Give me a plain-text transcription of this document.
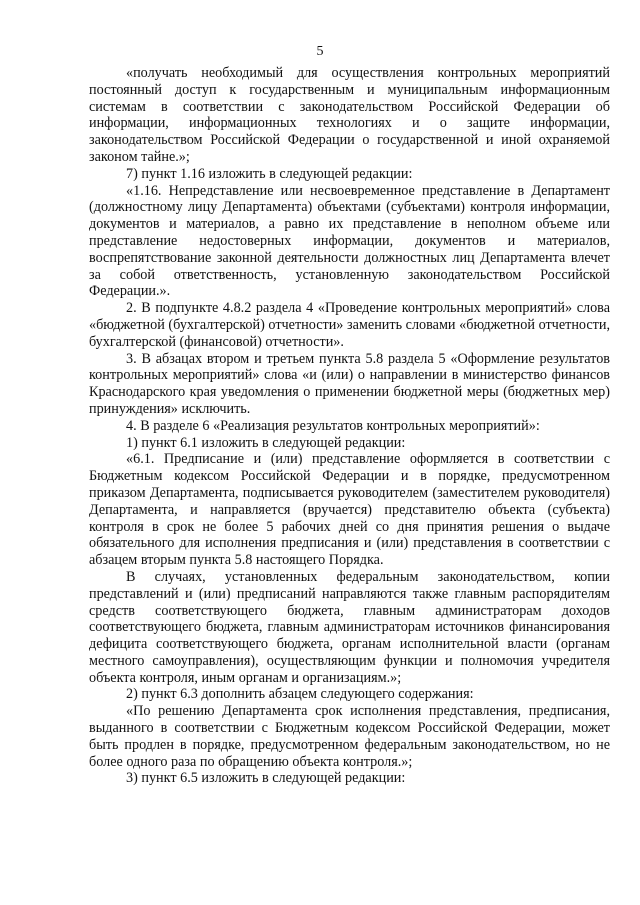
5

«получать необходимый для осуществления контрольных мероприятий постоянный доступ к государственным и муниципальным информационным системам в соответствии с законодательством Российской Федерации об информации, информационных технологиях и о защите информации, законодательством Российской Федерации о государственной и иной охраняемой законом тайне.»;

7) пункт 1.16 изложить в следующей редакции:

«1.16. Непредставление или несвоевременное представление в Департамент (должностному лицу Департамента) объектами (субъектами) контроля информации, документов и материалов, а равно их представление в неполном объеме или представление недостоверных информации, документов и материалов, воспрепятствование законной деятельности должностных лиц Департамента влечет за собой ответственность, установленную законодательством Российской Федерации.».

2. В подпункте 4.8.2 раздела 4 «Проведение контрольных мероприятий» слова «бюджетной (бухгалтерской) отчетности» заменить словами «бюджетной отчетности, бухгалтерской (финансовой) отчетности».

3. В абзацах втором и третьем пункта 5.8 раздела 5 «Оформление результатов контрольных мероприятий» слова «и (или) о направлении в министерство финансов Краснодарского края уведомления о применении бюджетной меры (бюджетных мер) принуждения» исключить.

4. В разделе 6 «Реализация результатов контрольных мероприятий»:

1) пункт 6.1 изложить в следующей редакции:

«6.1. Предписание и (или) представление оформляется в соответствии с Бюджетным кодексом Российской Федерации и в порядке, предусмотренном приказом Департамента, подписывается руководителем (заместителем руководителя) Департамента, и направляется (вручается) представителю объекта (субъекта) контроля в срок не более 5 рабочих дней со дня принятия решения о выдаче обязательного для исполнения предписания и (или) представления в соответствии с абзацем вторым пункта 5.8 настоящего Порядка.

В случаях, установленных федеральным законодательством, копии представлений и (или) предписаний направляются также главным распорядителям средств соответствующего бюджета, главным администраторам доходов соответствующего бюджета, главным администраторам источников финансирования дефицита соответствующего бюджета, органам исполнительной власти (органам местного самоуправления), осуществляющим функции и полномочия учредителя объекта контроля, иным органам и организациям.»;

2) пункт 6.3 дополнить абзацем следующего содержания:

«По решению Департамента срок исполнения представления, предписания, выданного в соответствии с Бюджетным кодексом Российской Федерации, может быть продлен в порядке, предусмотренном федеральным законодательством, но не более одного раза по обращению объекта контроля.»;

3) пункт 6.5 изложить в следующей редакции:
